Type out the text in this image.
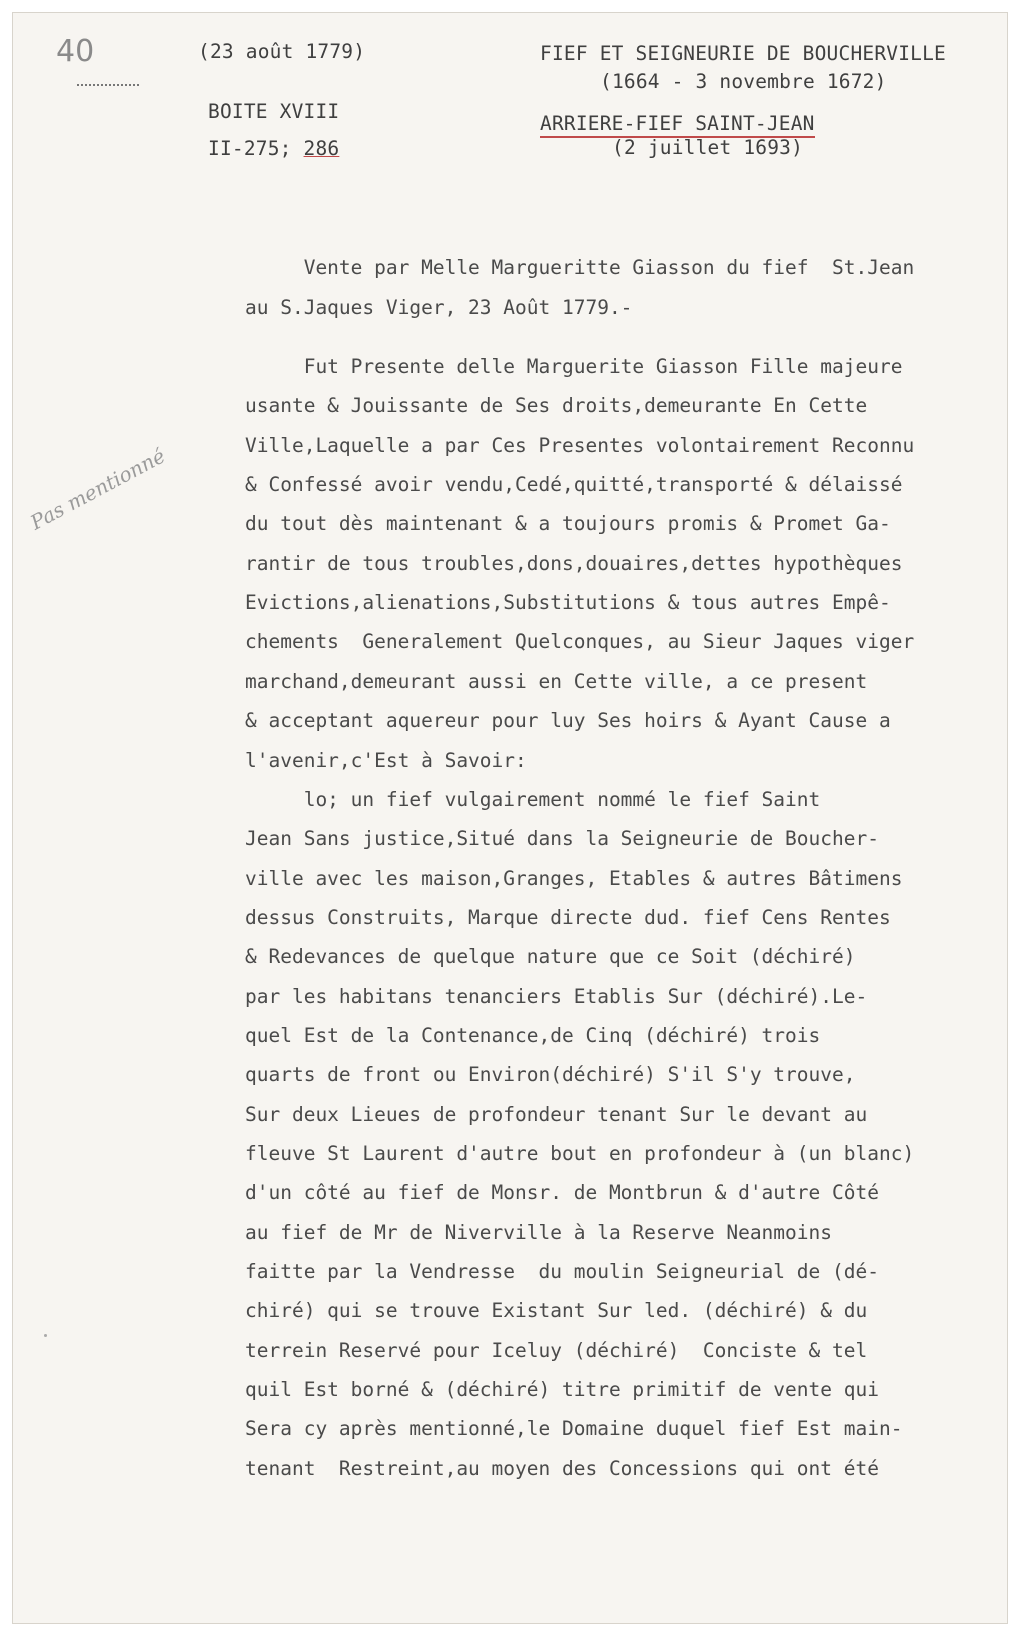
40	(23 août 1779)
BOITE XVIII
II-275; 286
FIEF ET SEIGNEURIE DE BOUCHERVILLE
(1664 - 3 novembre 1672)
ARRIERE-FIEF SAINT-JEAN
(2 juillet 1693)
Pas mentionné
Vente par Melle Margueritte Giasson du fief  St.Jean
au S.Jaques Viger, 23 Août 1779.-
Fut Presente delle Marguerite Giasson Fille majeure
usante & Jouissante de Ses droits,demeurante En Cette
Ville,Laquelle a par Ces Presentes volontairement Reconnu
& Confessé avoir vendu,Cedé,quitté,transporté & délaissé
du tout dès maintenant & a toujours promis & Promet Ga-
rantir de tous troubles,dons,douaires,dettes hypothèques
Evictions,alienations,Substitutions & tous autres Empê-
chements  Generalement Quelconques, au Sieur Jaques viger
marchand,demeurant aussi en Cette ville, a ce present
& acceptant aquereur pour luy Ses hoirs & Ayant Cause a
l'avenir,c'Est à Savoir:
lo; un fief vulgairement nommé le fief Saint
Jean Sans justice,Situé dans la Seigneurie de Boucher-
ville avec les maison,Granges, Etables & autres Bâtimens
dessus Construits, Marque directe dud. fief Cens Rentes
& Redevances de quelque nature que ce Soit (déchiré)
par les habitans tenanciers Etablis Sur (déchiré).Le-
quel Est de la Contenance,de Cinq (déchiré) trois
quarts de front ou Environ(déchiré) S'il S'y trouve,
Sur deux Lieues de profondeur tenant Sur le devant au
fleuve St Laurent d'autre bout en profondeur à (un blanc)
d'un côté au fief de Monsr. de Montbrun & d'autre Côté
au fief de Mr de Niverville à la Reserve Neanmoins
faitte par la Vendresse  du moulin Seigneurial de (dé-
chiré) qui se trouve Existant Sur led. (déchiré) & du
terrein Reservé pour Iceluy (déchiré)  Conciste & tel
quil Est borné & (déchiré) titre primitif de vente qui
Sera cy après mentionné,le Domaine duquel fief Est main-
tenant  Restreint,au moyen des Concessions qui ont été
